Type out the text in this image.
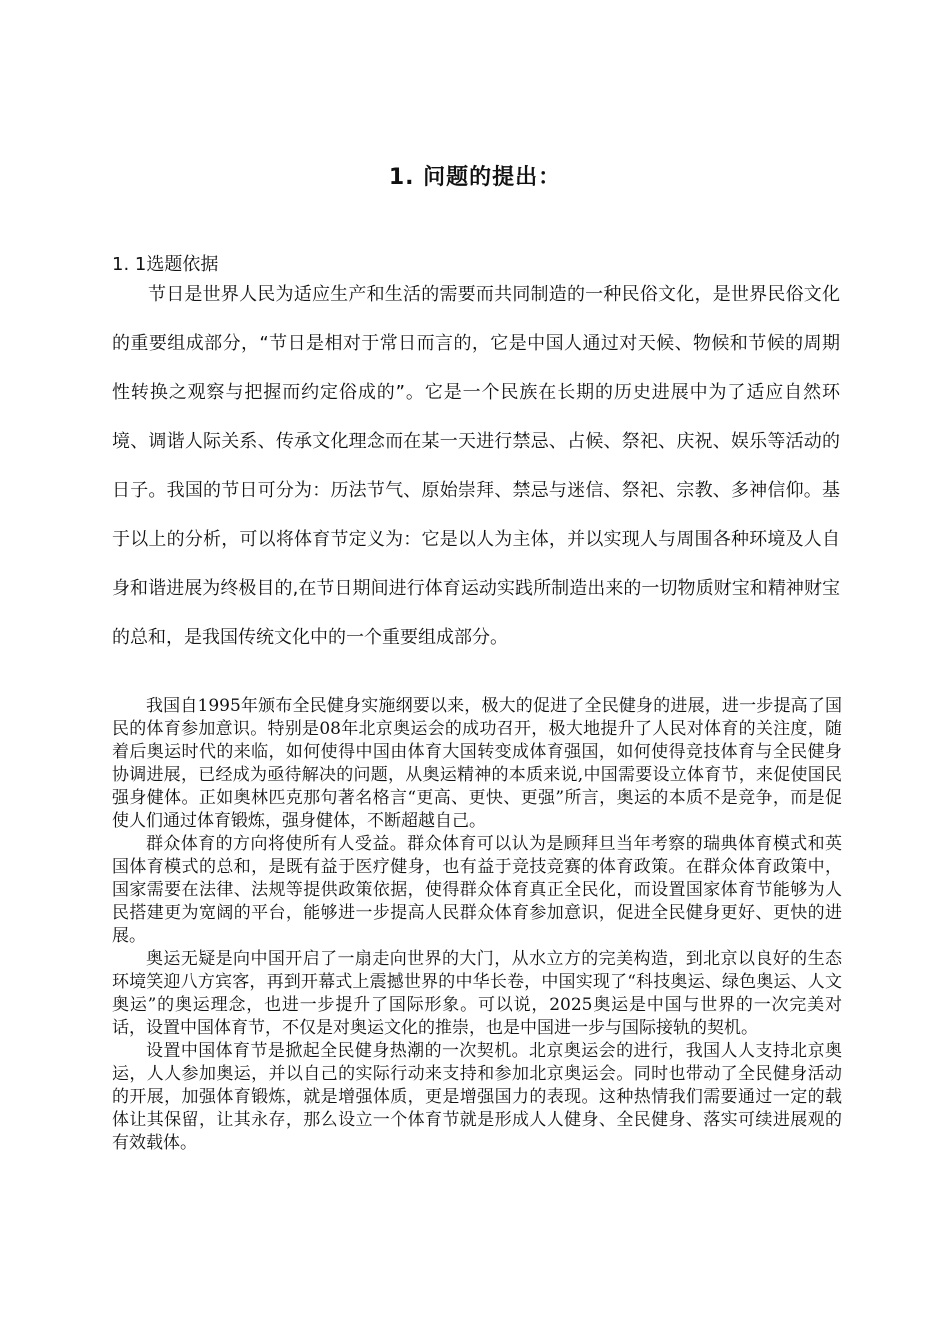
1. 问题的提出：
1. 1选题依据

节日是世界人民为适应生产和生活的需要而共同制造的一种民俗文化，是世界民俗文化的重要组成部分，“节日是相对于常日而言的，它是中国人通过对天候、物候和节候的周期性转换之观察与把握而约定俗成的”。它是一个民族在长期的历史进展中为了适应自然环境、调谐人际关系、传承文化理念而在某一天进行禁忌、占候、祭祀、庆祝、娱乐等活动的日子。我国的节日可分为：历法节气、原始崇拜、禁忌与迷信、祭祀、宗教、多神信仰。基于以上的分析，可以将体育节定义为：它是以人为主体，并以实现人与周围各种环境及人自身和谐进展为终极目的,在节日期间进行体育运动实践所制造出来的一切物质财宝和精神财宝的总和，是我国传统文化中的一个重要组成部分。

我国自1995年颁布全民健身实施纲要以来，极大的促进了全民健身的进展，进一步提高了国民的体育参加意识。特别是08年北京奥运会的成功召开，极大地提升了人民对体育的关注度，随着后奥运时代的来临，如何使得中国由体育大国转变成体育强国，如何使得竞技体育与全民健身协调进展，已经成为亟待解决的问题，从奥运精神的本质来说,中国需要设立体育节，来促使国民强身健体。正如奥林匹克那句著名格言“更高、更快、更强”所言，奥运的本质不是竞争，而是促使人们通过体育锻炼，强身健体，不断超越自己。

群众体育的方向将使所有人受益。群众体育可以认为是顾拜旦当年考察的瑞典体育模式和英国体育模式的总和，是既有益于医疗健身，也有益于竞技竞赛的体育政策。在群众体育政策中，国家需要在法律、法规等提供政策依据，使得群众体育真正全民化，而设置国家体育节能够为人民搭建更为宽阔的平台，能够进一步提高人民群众体育参加意识，促进全民健身更好、更快的进展。

奥运无疑是向中国开启了一扇走向世界的大门，从水立方的完美构造，到北京以良好的生态环境笑迎八方宾客，再到开幕式上震撼世界的中华长卷，中国实现了“科技奥运、绿色奥运、人文奥运”的奥运理念，也进一步提升了国际形象。可以说，2025奥运是中国与世界的一次完美对话，设置中国体育节，不仅是对奥运文化的推崇，也是中国进一步与国际接轨的契机。

设置中国体育节是掀起全民健身热潮的一次契机。北京奥运会的进行，我国人人支持北京奥运，人人参加奥运，并以自己的实际行动来支持和参加北京奥运会。同时也带动了全民健身活动的开展，加强体育锻炼，就是增强体质，更是增强国力的表现。这种热情我们需要通过一定的载体让其保留，让其永存，那么设立一个体育节就是形成人人健身、全民健身、落实可续进展观的有效载体。
